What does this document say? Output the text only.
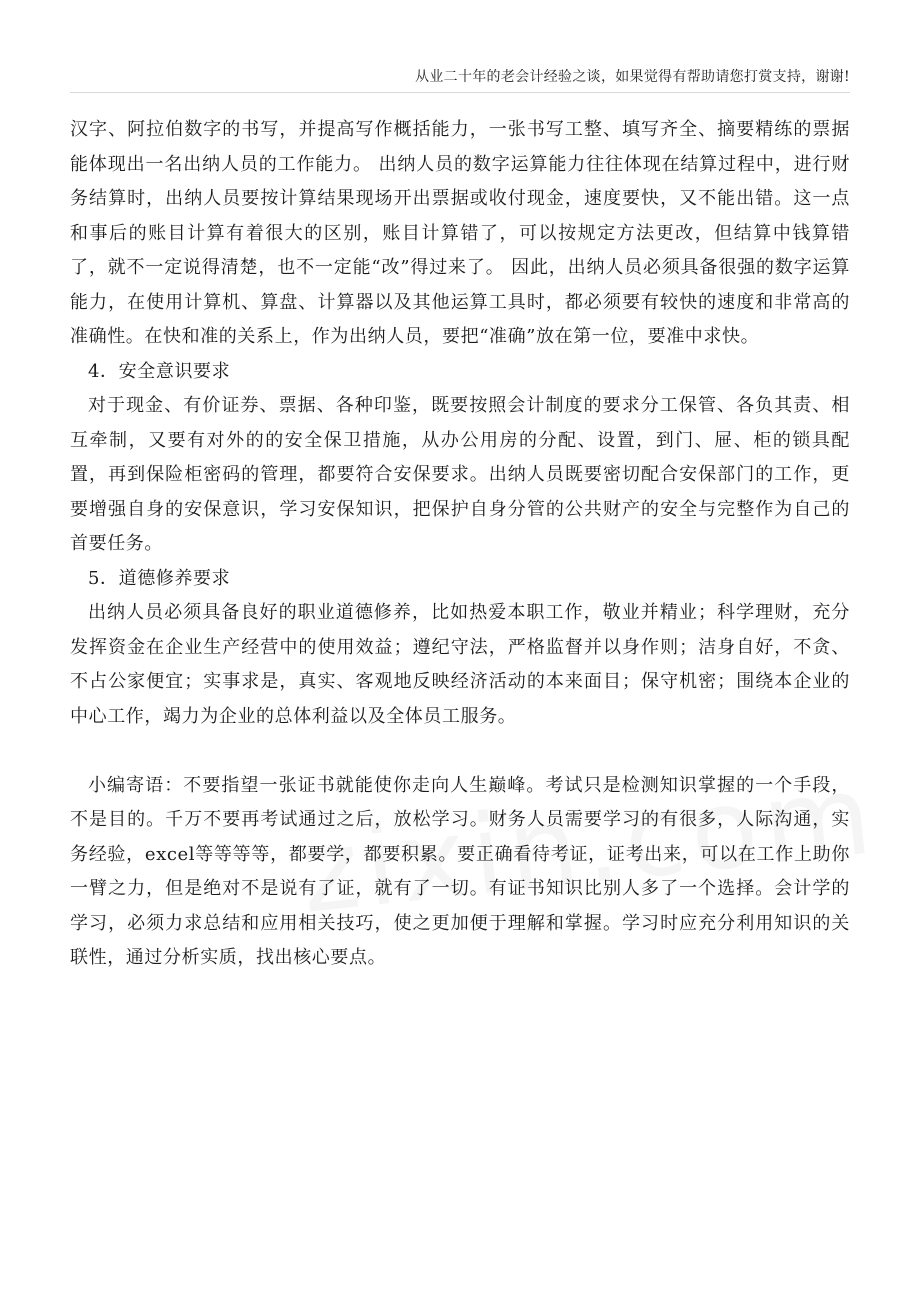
从业二十年的老会计经验之谈，如果觉得有帮助请您打赏支持，谢谢!

汉字、阿拉伯数字的书写，并提高写作概括能力，一张书写工整、填写齐全、摘要精练的票据能体现出一名出纳人员的工作能力。 出纳人员的数字运算能力往往体现在结算过程中，进行财务结算时，出纳人员要按计算结果现场开出票据或收付现金，速度要快，又不能出错。这一点和事后的账目计算有着很大的区别，账目计算错了，可以按规定方法更改，但结算中钱算错了，就不一定说得清楚，也不一定能“改”得过来了。 因此，出纳人员必须具备很强的数字运算能力，在使用计算机、算盘、计算器以及其他运算工具时，都必须要有较快的速度和非常高的准确性。在快和准的关系上，作为出纳人员，要把“准确”放在第一位，要准中求快。

4．安全意识要求

对于现金、有价证券、票据、各种印鉴，既要按照会计制度的要求分工保管、各负其责、相互牵制，又要有对外的的安全保卫措施，从办公用房的分配、设置，到门、屉、柜的锁具配置，再到保险柜密码的管理，都要符合安保要求。出纳人员既要密切配合安保部门的工作，更要增强自身的安保意识，学习安保知识，把保护自身分管的公共财产的安全与完整作为自己的首要任务。

5．道德修养要求

出纳人员必须具备良好的职业道德修养，比如热爱本职工作，敬业并精业；科学理财，充分发挥资金在企业生产经营中的使用效益；遵纪守法，严格监督并以身作则；洁身自好，不贪、不占公家便宜；实事求是，真实、客观地反映经济活动的本来面目；保守机密；围绕本企业的中心工作，竭力为企业的总体利益以及全体员工服务。

小编寄语：不要指望一张证书就能使你走向人生巅峰。考试只是检测知识掌握的一个手段，不是目的。千万不要再考试通过之后，放松学习。财务人员需要学习的有很多，人际沟通，实务经验，excel等等等等，都要学，都要积累。要正确看待考证，证考出来，可以在工作上助你一臂之力，但是绝对不是说有了证，就有了一切。有证书知识比别人多了一个选择。会计学的学习，必须力求总结和应用相关技巧，使之更加便于理解和掌握。学习时应充分利用知识的关联性，通过分析实质，找出核心要点。
